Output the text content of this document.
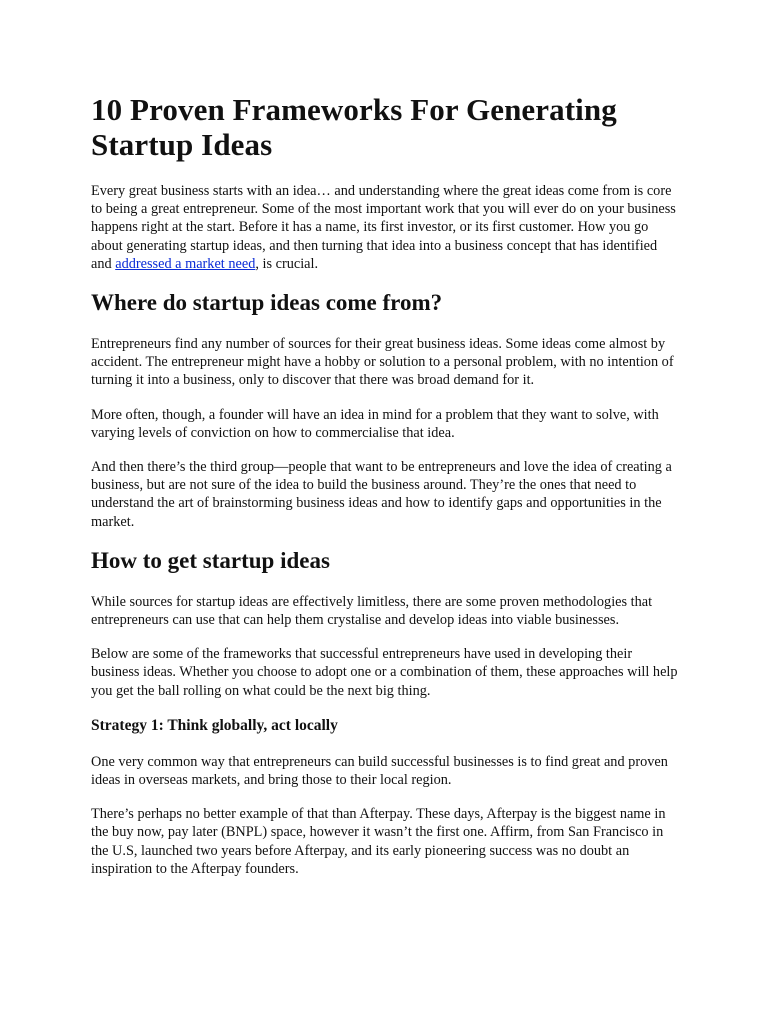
10 Proven Frameworks For Generating Startup Ideas

Every great business starts with an idea… and understanding where the great ideas come from is core to being a great entrepreneur. Some of the most important work that you will ever do on your business happens right at the start. Before it has a name, its first investor, or its first customer. How you go about generating startup ideas, and then turning that idea into a business concept that has identified and addressed a market need, is crucial.

Where do startup ideas come from?

Entrepreneurs find any number of sources for their great business ideas. Some ideas come almost by accident. The entrepreneur might have a hobby or solution to a personal problem, with no intention of turning it into a business, only to discover that there was broad demand for it.

More often, though, a founder will have an idea in mind for a problem that they want to solve, with varying levels of conviction on how to commercialise that idea.

And then there’s the third group—people that want to be entrepreneurs and love the idea of creating a business, but are not sure of the idea to build the business around. They’re the ones that need to understand the art of brainstorming business ideas and how to identify gaps and opportunities in the market.

How to get startup ideas

While sources for startup ideas are effectively limitless, there are some proven methodologies that entrepreneurs can use that can help them crystalise and develop ideas into viable businesses.

Below are some of the frameworks that successful entrepreneurs have used in developing their business ideas. Whether you choose to adopt one or a combination of them, these approaches will help you get the ball rolling on what could be the next big thing.

Strategy 1: Think globally, act locally

One very common way that entrepreneurs can build successful businesses is to find great and proven ideas in overseas markets, and bring those to their local region.

There’s perhaps no better example of that than Afterpay. These days, Afterpay is the biggest name in the buy now, pay later (BNPL) space, however it wasn’t the first one. Affirm, from San Francisco in the U.S, launched two years before Afterpay, and its early pioneering success was no doubt an inspiration to the Afterpay founders.
